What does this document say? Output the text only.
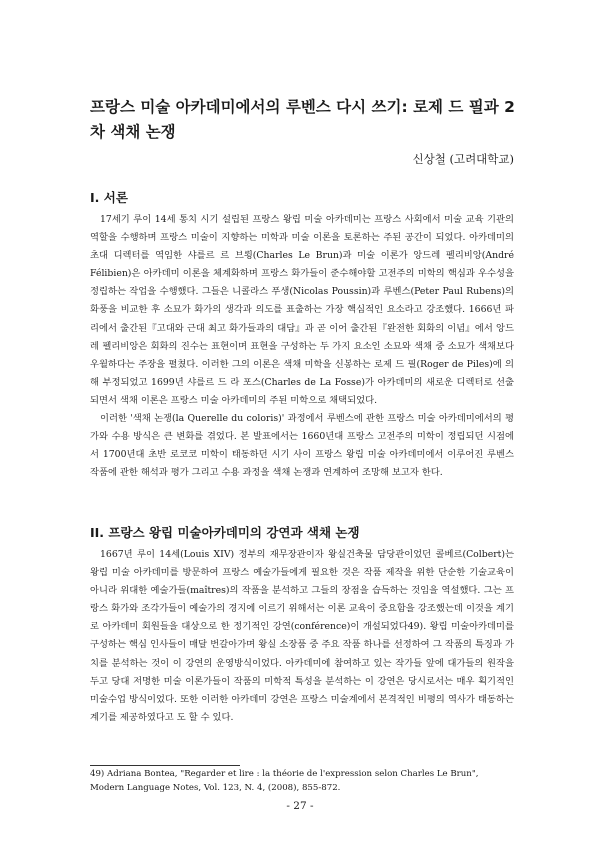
프랑스 미술 아카데미에서의 루벤스 다시 쓰기: 로제 드 필과 2차 색채 논쟁
신상철 (고려대학교)
I. 서론

17세기 루이 14세 통치 시기 설립된 프랑스 왕립 미술 아카데미는 프랑스 사회에서 미술 교육 기관의 역할을 수행하며 프랑스 미술이 지향하는 미학과 미술 이론을 토론하는 주된 공간이 되었다. 아카데미의 초대 디렉터를 역임한 샤를르 르 브룅(Charles Le Brun)과 미술 이론가 앙드레 펠리비앙(André Félibien)은 아카데미 이론을 체계화하며 프랑스 화가들이 준수해야할 고전주의 미학의 핵심과 우수성을 정립하는 작업을 수행했다. 그들은 니콜라스 푸생(Nicolas Poussin)과 루벤스(Peter Paul Rubens)의 화풍을 비교한 후 소묘가 화가의 생각과 의도를 표출하는 가장 핵심적인 요소라고 강조했다. 1666년 파리에서 출간된『고대와 근대 최고 화가들과의 대담』과 곧 이어 출간된『완전한 회화의 이념』에서 앙드레 펠리비앙은 회화의 진수는 표현이며 표현을 구성하는 두 가지 요소인 소묘와 색채 중 소묘가 색채보다 우월하다는 주장을 펼쳤다. 이러한 그의 이론은 색채 미학을 신봉하는 로제 드 필(Roger de Piles)에 의해 부정되었고 1699년 샤를르 드 라 포스(Charles de La Fosse)가 아카데미의 새로운 디렉터로 선출되면서 색채 이론은 프랑스 미술 아카데미의 주된 미학으로 채택되었다.

이러한 '색채 논쟁(la Querelle du coloris)' 과정에서 루벤스에 관한 프랑스 미술 아카데미에서의 평가와 수용 방식은 큰 변화를 겪었다. 본 발표에서는 1660년대 프랑스 고전주의 미학이 정립되던 시점에서 1700년대 초반 로코코 미학이 태동하던 시기 사이 프랑스 왕립 미술 아카데미에서 이루어진 루벤스 작품에 관한 해석과 평가 그리고 수용 과정을 색채 논쟁과 연계하여 조망해 보고자 한다.

II. 프랑스 왕립 미술아카데미의 강연과 색채 논쟁

1667년 루이 14세(Louis XIV) 정부의 재무장관이자 왕실건축물 담당관이었던 콜베르(Colbert)는 왕립 미술 아카데미를 방문하여 프랑스 예술가들에게 필요한 것은 작품 제작을 위한 단순한 기술교육이 아니라 위대한 예술가들(maîtres)의 작품을 분석하고 그들의 장점을 습득하는 것임을 역설했다. 그는 프랑스 화가와 조각가들이 예술가의 경지에 이르기 위해서는 이론 교육이 중요함을 강조했는데 이것을 계기로 아카데미 회원들을 대상으로 한 정기적인 강연(conférence)이 개설되었다49). 왕립 미술아카데미를 구성하는 핵심 인사들이 매달 번갈아가며 왕실 소장품 중 주요 작품 하나를 선정하여 그 작품의 특징과 가치를 분석하는 것이 이 강연의 운영방식이었다. 아카데미에 참여하고 있는 작가들 앞에 대가들의 원작을 두고 당대 저명한 미술 이론가들이 작품의 미학적 특성을 분석하는 이 강연은 당시로서는 매우 획기적인 미술수업 방식이었다. 또한 이러한 아카데미 강연은 프랑스 미술계에서 본격적인 비평의 역사가 태동하는 계기를 제공하였다고 도 할 수 있다.

49) Adriana Bontea, "Regarder et lire : la théorie de l'expression selon Charles Le Brun", Modern Language Notes, Vol. 123, N. 4, (2008), 855-872.

- 27 -
